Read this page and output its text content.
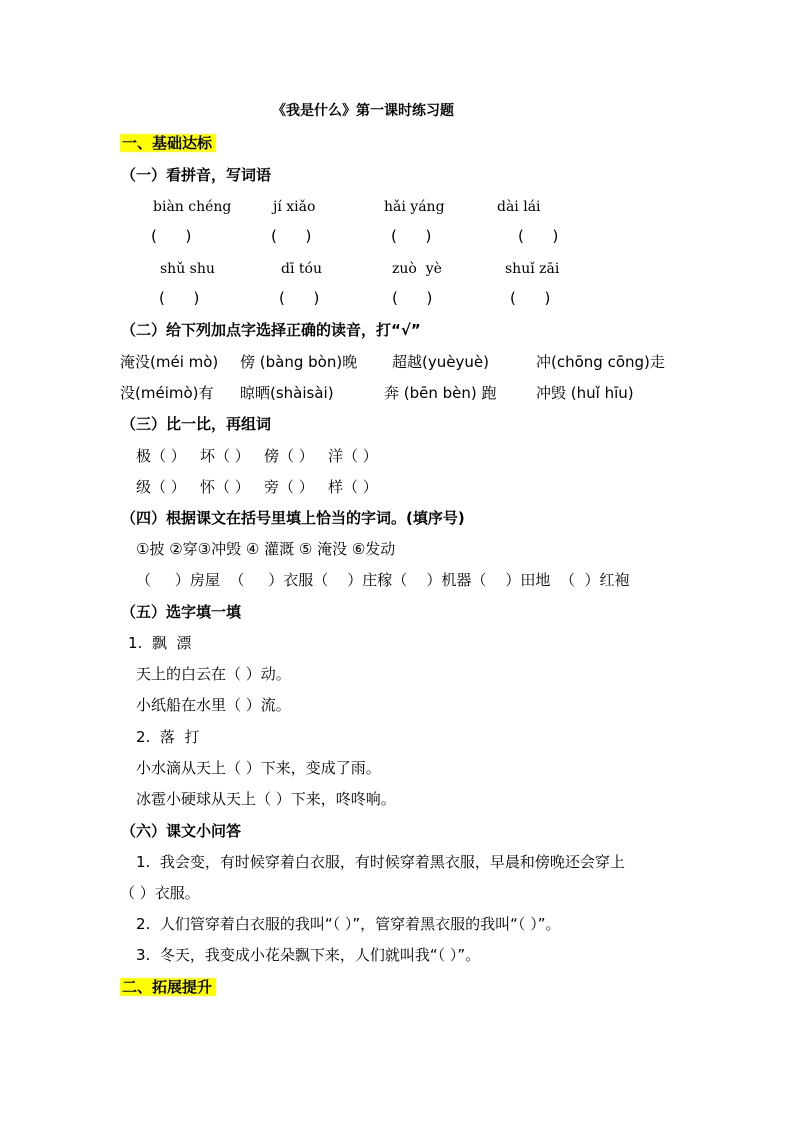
《我是什么》第一课时练习题
一、基础达标
（一）看拼音，写词语
biàn chéng	jí xiǎo	hǎi yáng	dài lái
(      )	(      )	(      )	(      )
shǔ shu	dī tóu	zuò  yè	shuǐ zāi
(      )	(      )	(      )	(      )
（二）给下列加点字选择正确的读音，打“√”
淹没(méi mò) 傍 (bàng bòn)晚 超越(yuèyuè)	冲(chōng cōng)走
没(méimò)有 晾晒(shàisài)	奔 (bēn bèn) 跑	冲毁 (huǐ hīu)
（三）比一比，再组词
极（ ） 坏（ ） 傍（ ） 洋（ ）
级（ ） 怀（ ） 旁（ ） 样（ ）
（四）根据课文在括号里填上恰当的字词。(填序号)
①披 ②穿③冲毁 ④ 灌溉 ⑤ 淹没 ⑥发动
（     ）房屋  （     ）衣服（    ）庄稼（    ）机器（    ）田地  （  ）红袍
（五）选字填一填
1.  飘  漂
天上的白云在（ ）动。
小纸船在水里（ ）流。
2.  落  打
小水滴从天上（ ）下来，变成了雨。
冰雹小硬球从天上（ ）下来，咚咚响。
（六）课文小问答
1.  我会变，有时候穿着白衣服，有时候穿着黑衣服，早晨和傍晚还会穿上
（ ）衣服。
2.  人们管穿着白衣服的我叫“（ ）”，管穿着黑衣服的我叫“（ ）”。
3.  冬天，我变成小花朵飘下来，人们就叫我“（ ）”。
二、拓展提升
